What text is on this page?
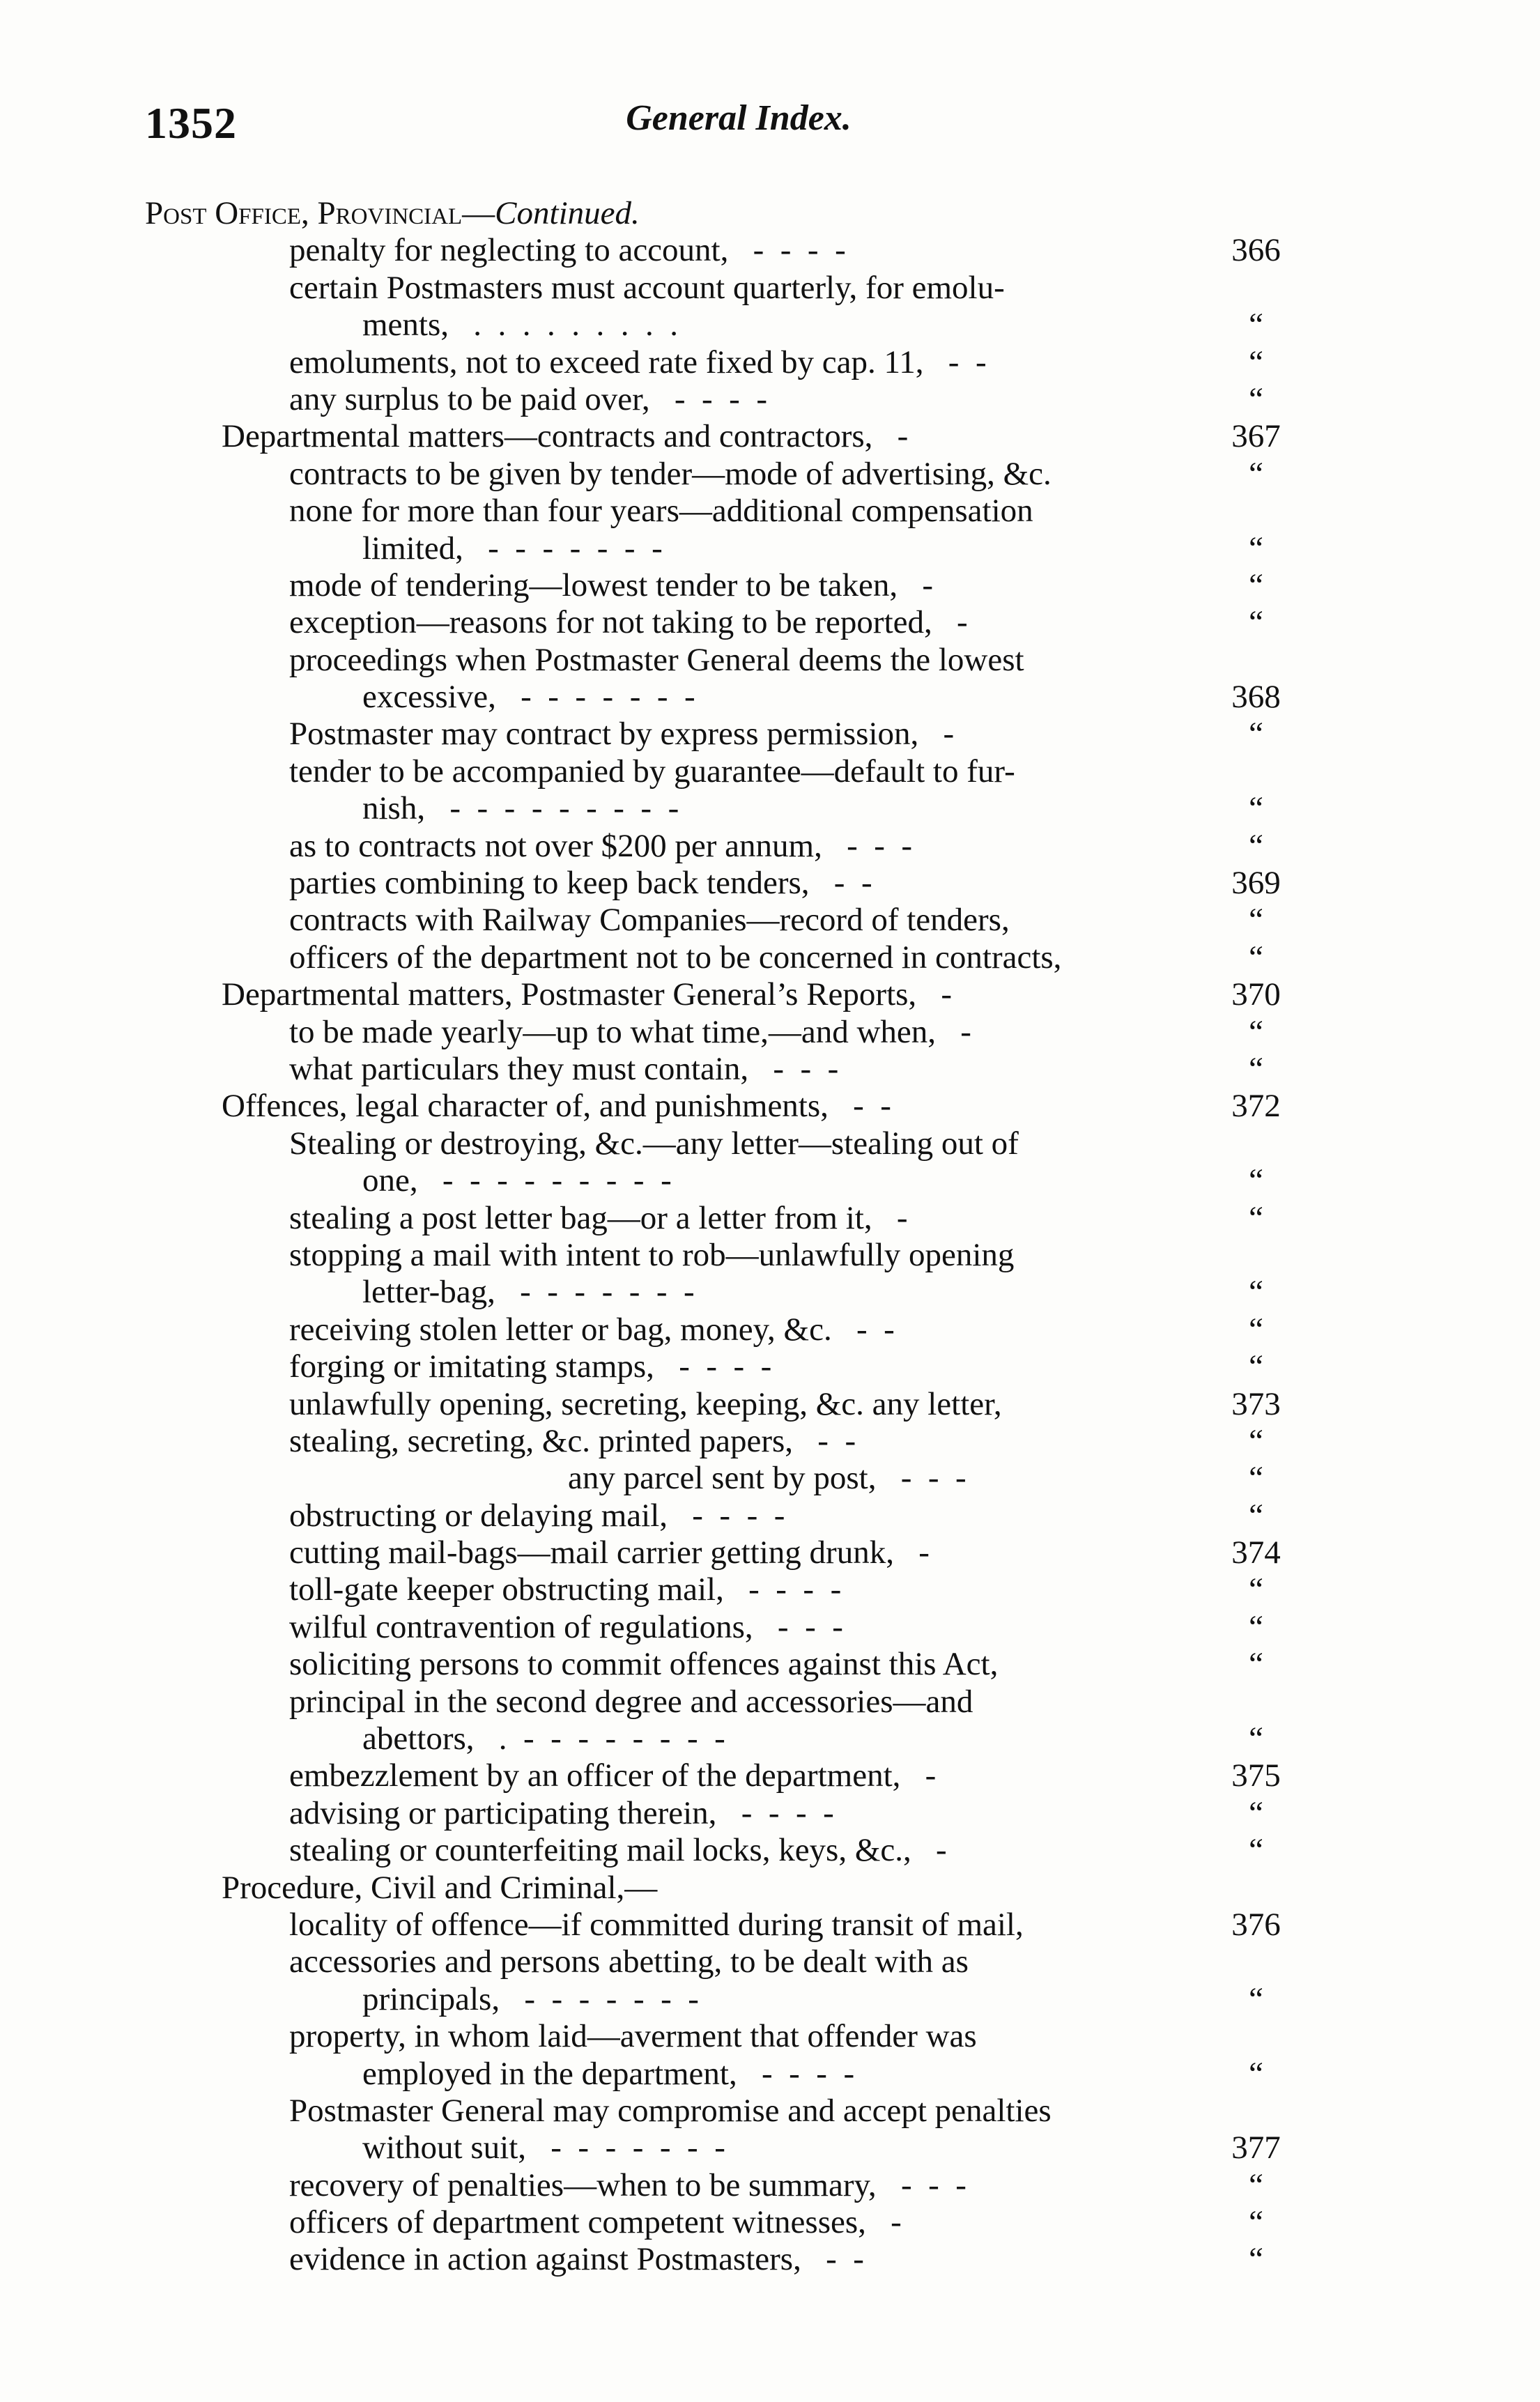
1352	General Index.
Post Office, Provincial—Continued.
penalty for neglecting to account, -  -  -  -	366
certain Postmasters must account quarterly, for emolu-
ments, .  .  .  .  .  .  .  .  .	“
emoluments, not to exceed rate fixed by cap. 11, -  -	“
any surplus to be paid over, -  -  -  -	“
Departmental matters—contracts and contractors, -	367
contracts to be given by tender—mode of advertising, &c.	“
none for more than four years—additional compensation
limited, -  -  -  -  -  -  -	“
mode of tendering—lowest tender to be taken, -	“
exception—reasons for not taking to be reported, -	“
proceedings when Postmaster General deems the lowest
excessive, -  -  -  -  -  -  -	368
Postmaster may contract by express permission, -	“
tender to be accompanied by guarantee—default to fur-
nish, -  -  -  -  -  -  -  -  -	“
as to contracts not over $200 per annum, -  -  -	“
parties combining to keep back tenders, -  -	369
contracts with Railway Companies—record of tenders,	“
officers of the department not to be concerned in contracts,	“
Departmental matters, Postmaster General’s Reports, -	370
to be made yearly—up to what time,—and when, -	“
what particulars they must contain, -  -  -	“
Offences, legal character of, and punishments, -  -	372
Stealing or destroying, &c.—any letter—stealing out of
one, -  -  -  -  -  -  -  -  -	“
stealing a post letter bag—or a letter from it, -	“
stopping a mail with intent to rob—unlawfully opening
letter-bag, -  -  -  -  -  -  -	“
receiving stolen letter or bag, money, &c. -  -	“
forging or imitating stamps, -  -  -  -	“
unlawfully opening, secreting, keeping, &c. any letter,	373
stealing, secreting, &c. printed papers, -  -	“
any parcel sent by post, -  -  -	“
obstructing or delaying mail, -  -  -  -	“
cutting mail-bags—mail carrier getting drunk, -	374
toll-gate keeper obstructing mail, -  -  -  -	“
wilful contravention of regulations, -  -  -	“
soliciting persons to commit offences against this Act,	“
principal in the second degree and accessories—and
abettors, .  -  -  -  -  -  -  -  -	“
embezzlement by an officer of the department, -	375
advising or participating therein, -  -  -  -	“
stealing or counterfeiting mail locks, keys, &c., -	“
Procedure, Civil and Criminal,—
locality of offence—if committed during transit of mail,	376
accessories and persons abetting, to be dealt with as
principals, -  -  -  -  -  -  -	“
property, in whom laid—averment that offender was
employed in the department, -  -  -  -	“
Postmaster General may compromise and accept penalties
without suit, -  -  -  -  -  -  -	377
recovery of penalties—when to be summary, -  -  -	“
officers of department competent witnesses, -	“
evidence in action against Postmasters, -  -	“
